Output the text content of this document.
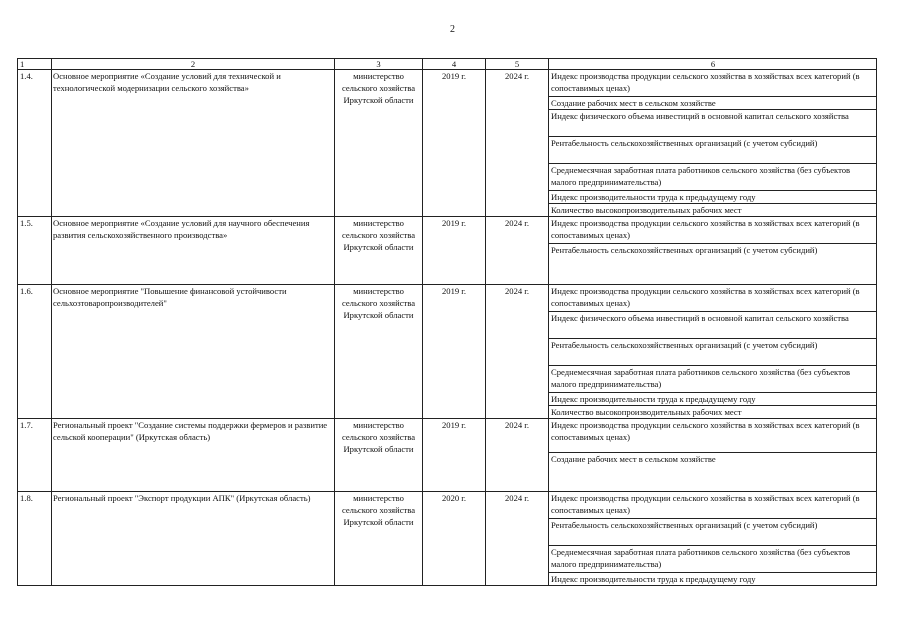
2
1	2	3	4	5	6
1.4.	Основное мероприятие «Создание условий для технической и технологической модернизации сельского хозяйства»	министерство сельского хозяйства Иркутской области	2019 г.	2024 г.	Индекс производства продукции сельского хозяйства в хозяйствах всех категорий (в сопоставимых ценах)
					Создание рабочих мест в сельском хозяйстве
					Индекс физического объема инвестиций в основной капитал сельского хозяйства
					Рентабельность сельскохозяйственных организаций (с учетом субсидий)
					Среднемесячная заработная плата работников сельского хозяйства (без субъектов малого предпринимательства)
					Индекс производительности труда к предыдущему году
					Количество высокопроизводительных рабочих мест
1.5.	Основное мероприятие «Создание условий для научного обеспечения развития сельскохозяйственного производства»	министерство сельского хозяйства Иркутской области	2019 г.	2024 г.	Индекс производства продукции сельского хозяйства в хозяйствах всех категорий (в сопоставимых ценах)
					Рентабельность сельскохозяйственных организаций (с учетом субсидий)
1.6.	Основное мероприятие "Повышение финансовой устойчивости сельхозтоваропроизводителей"	министерство сельского хозяйства Иркутской области	2019 г.	2024 г.	Индекс производства продукции сельского хозяйства в хозяйствах всех категорий (в сопоставимых ценах)
					Индекс физического объема инвестиций в основной капитал сельского хозяйства
					Рентабельность сельскохозяйственных организаций (с учетом субсидий)
					Среднемесячная заработная плата работников сельского хозяйства (без субъектов малого предпринимательства)
					Индекс производительности труда к предыдущему году
					Количество высокопроизводительных рабочих мест
1.7.	Региональный проект "Создание системы поддержки фермеров и развитие сельской кооперации" (Иркутская область)	министерство сельского хозяйства Иркутской области	2019 г.	2024 г.	Индекс производства продукции сельского хозяйства в хозяйствах всех категорий (в сопоставимых ценах)
					Создание рабочих мест в сельском хозяйстве
1.8.	Региональный проект "Экспорт продукции АПК" (Иркутская область)	министерство сельского хозяйства Иркутской области	2020 г.	2024 г.	Индекс производства продукции сельского хозяйства в хозяйствах всех категорий (в сопоставимых ценах)
					Рентабельность сельскохозяйственных организаций (с учетом субсидий)
					Среднемесячная заработная плата работников сельского хозяйства (без субъектов малого предпринимательства)
					Индекс производительности труда к предыдущему году
